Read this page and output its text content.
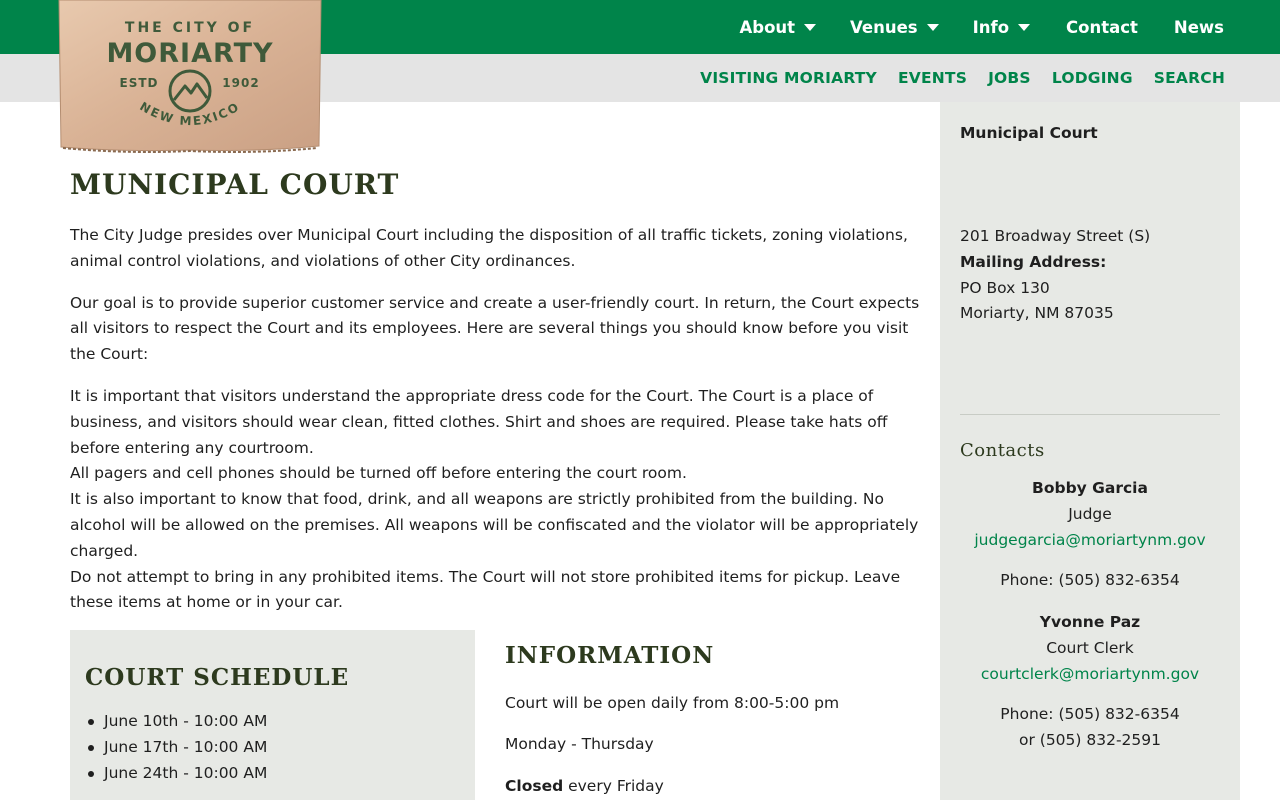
About	Venues	Info	Contact News
VISITING MORIARTY EVENTS JOBS LODGING SEARCH
THE CITY OF
MORIARTY
ESTD	1902
NEW MEXICO
MUNICIPAL COURT

The City Judge presides over Municipal Court including the disposition of all traffic tickets, zoning violations, animal control violations, and violations of other City ordinances.

Our goal is to provide superior customer service and create a user-friendly court. In return, the Court expects all visitors to respect the Court and its employees. Here are several things you should know before you visit the Court:

It is important that visitors understand the appropriate dress code for the Court. The Court is a place of business, and visitors should wear clean, fitted clothes. Shirt and shoes are required. Please take hats off before entering any courtroom.

All pagers and cell phones should be turned off before entering the court room.

It is also important to know that food, drink, and all weapons are strictly prohibited from the building. No alcohol will be allowed on the premises. All weapons will be confiscated and the violator will be appropriately charged.

Do not attempt to bring in any prohibited items. The Court will not store prohibited items for pickup. Leave these items at home or in your car.

COURT SCHEDULE
June 10th - 10:00 AM
June 17th - 10:00 AM
June 24th - 10:00 AM
INFORMATION

Court will be open daily from 8:00-5:00 pm

Monday - Thursday

Closed every Friday

Municipal Court
201 Broadway Street (S)
Mailing Address:
PO Box 130
Moriarty, NM 87035
Contacts
Bobby Garcia
Judge
judgegarcia@moriartynm.gov
Phone: (505) 832-6354
Yvonne Paz
Court Clerk
courtclerk@moriartynm.gov
Phone: (505) 832-6354
or (505) 832-2591
